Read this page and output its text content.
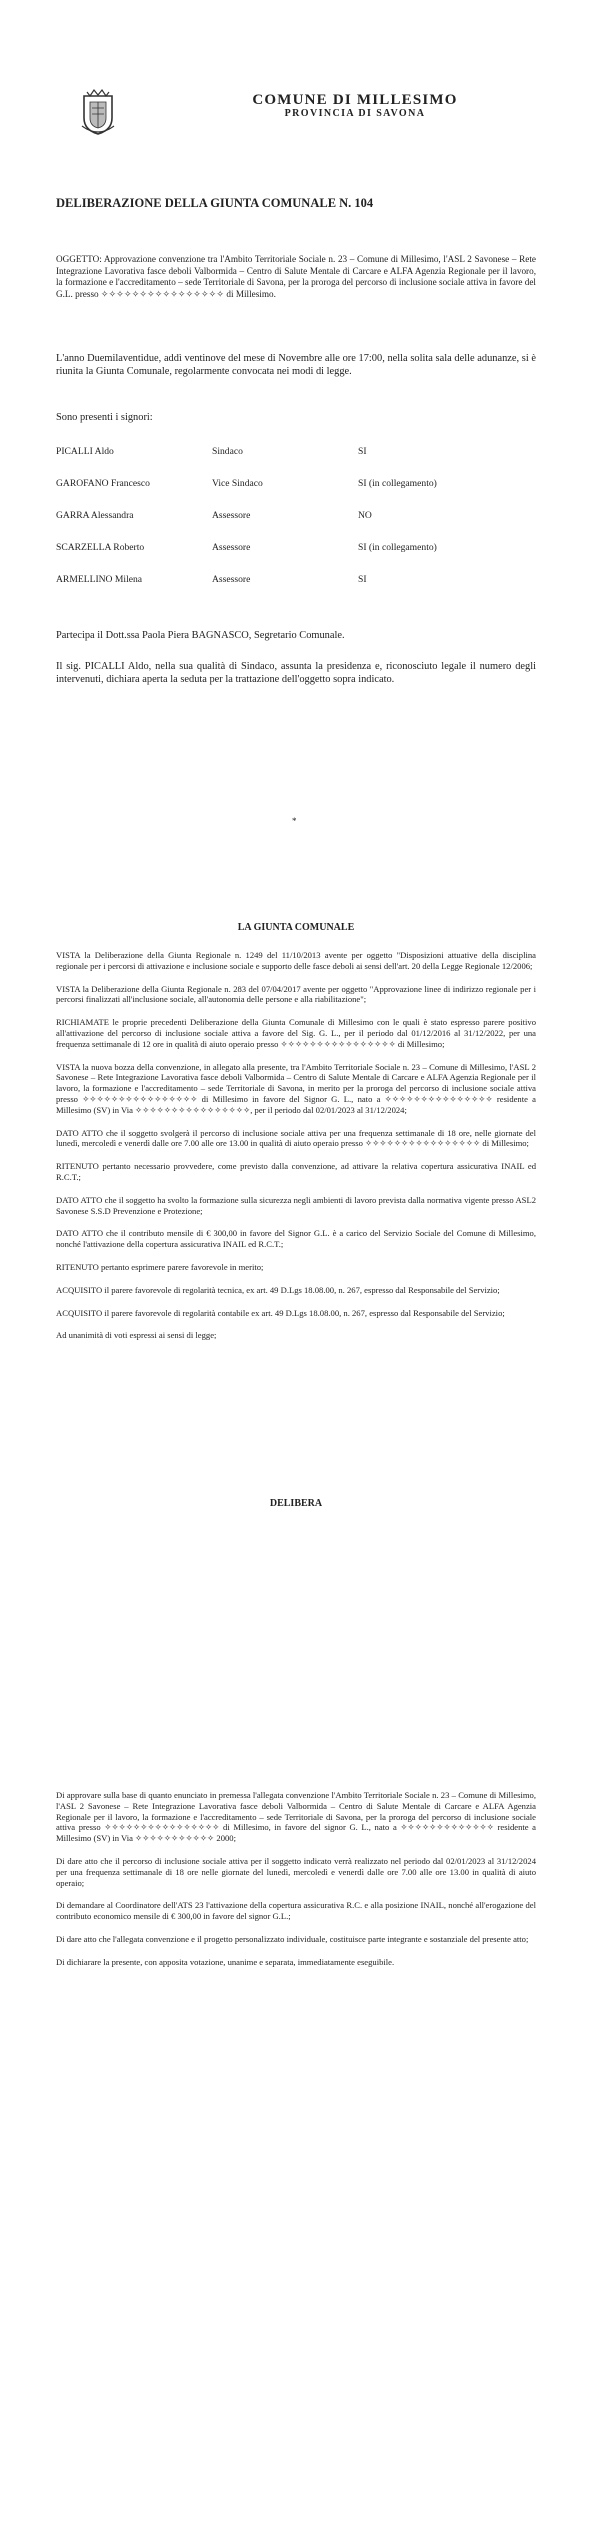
COMUNE DI MILLESIMO
PROVINCIA DI SAVONA
DELIBERAZIONE DELLA GIUNTA COMUNALE N. 104
OGGETTO: Approvazione convenzione tra l'Ambito Territoriale Sociale n. 23 – Comune di Millesimo, l'ASL 2 Savonese – Rete Integrazione Lavorativa fasce deboli Valbormida – Centro di Salute Mentale di Carcare e ALFA Agenzia Regionale per il lavoro, la formazione e l'accreditamento – sede Territoriale di Savona, per la proroga del percorso di inclusione sociale attiva in favore del G.L. presso ✧✧✧✧✧✧✧✧✧✧✧✧✧✧✧✧ di Millesimo.
L'anno Duemilaventidue, addì ventinove del mese di Novembre alle ore 17:00, nella solita sala delle adunanze, si è riunita la Giunta Comunale, regolarmente convocata nei modi di legge.
Sono presenti i signori:
PICALLI Aldo	Sindaco	SI
GAROFANO Francesco	Vice Sindaco	SI (in collegamento)
GARRA Alessandra	Assessore	NO
SCARZELLA Roberto	Assessore	SI (in collegamento)
ARMELLINO Milena	Assessore	SI
Partecipa il Dott.ssa Paola Piera BAGNASCO, Segretario Comunale.
Il sig. PICALLI Aldo, nella sua qualità di Sindaco, assunta la presidenza e, riconosciuto legale il numero degli intervenuti, dichiara aperta la seduta per la trattazione dell'oggetto sopra indicato.
*
LA GIUNTA COMUNALE

VISTA la Deliberazione della Giunta Regionale n. 1249 del 11/10/2013 avente per oggetto "Disposizioni attuative della disciplina regionale per i percorsi di attivazione e inclusione sociale e supporto delle fasce deboli ai sensi dell'art. 20 della Legge Regionale 12/2006;

VISTA la Deliberazione della Giunta Regionale n. 283 del 07/04/2017 avente per oggetto "Approvazione linee di indirizzo regionale per i percorsi finalizzati all'inclusione sociale, all'autonomia delle persone e alla riabilitazione";

RICHIAMATE le proprie precedenti Deliberazione della Giunta Comunale di Millesimo con le quali è stato espresso parere positivo all'attivazione del percorso di inclusione sociale attiva a favore del Sig. G. L., per il periodo dal 01/12/2016 al 31/12/2022, per una frequenza settimanale di 12 ore in qualità di aiuto operaio presso ✧✧✧✧✧✧✧✧✧✧✧✧✧✧✧✧ di Millesimo;

VISTA la nuova bozza della convenzione, in allegato alla presente, tra l'Ambito Territoriale Sociale n. 23 – Comune di Millesimo, l'ASL 2 Savonese – Rete Integrazione Lavorativa fasce deboli Valbormida – Centro di Salute Mentale di Carcare e ALFA Agenzia Regionale per il lavoro, la formazione e l'accreditamento – sede Territoriale di Savona, in merito per la proroga del percorso di inclusione sociale attiva presso ✧✧✧✧✧✧✧✧✧✧✧✧✧✧✧✧ di Millesimo in favore del Signor G. L., nato a ✧✧✧✧✧✧✧✧✧✧✧✧✧✧✧ residente a Millesimo (SV) in Via ✧✧✧✧✧✧✧✧✧✧✧✧✧✧✧✧, per il periodo dal 02/01/2023 al 31/12/2024;

DATO ATTO che il soggetto svolgerà il percorso di inclusione sociale attiva per una frequenza settimanale di 18 ore, nelle giornate del lunedì, mercoledì e venerdì dalle ore 7.00 alle ore 13.00 in qualità di aiuto operaio presso ✧✧✧✧✧✧✧✧✧✧✧✧✧✧✧✧ di Millesimo;

RITENUTO pertanto necessario provvedere, come previsto dalla convenzione, ad attivare la relativa copertura assicurativa INAIL ed R.C.T.;

DATO ATTO che il soggetto ha svolto la formazione sulla sicurezza negli ambienti di lavoro prevista dalla normativa vigente presso ASL2 Savonese S.S.D Prevenzione e Protezione;

DATO ATTO che il contributo mensile di € 300,00 in favore del Signor G.L. è a carico del Servizio Sociale del Comune di Millesimo, nonché l'attivazione della copertura assicurativa INAIL ed R.C.T.;

RITENUTO pertanto esprimere parere favorevole in merito;

ACQUISITO il parere favorevole di regolarità tecnica, ex art. 49 D.Lgs 18.08.00, n. 267, espresso dal Responsabile del Servizio;

ACQUISITO il parere favorevole di regolarità contabile ex art. 49 D.Lgs 18.08.00, n. 267, espresso dal Responsabile del Servizio;

Ad unanimità di voti espressi ai sensi di legge;

DELIBERA

Di approvare sulla base di quanto enunciato in premessa l'allegata convenzione l'Ambito Territoriale Sociale n. 23 – Comune di Millesimo, l'ASL 2 Savonese – Rete Integrazione Lavorativa fasce deboli Valbormida – Centro di Salute Mentale di Carcare e ALFA Agenzia Regionale per il lavoro, la formazione e l'accreditamento – sede Territoriale di Savona, per la proroga del percorso di inclusione sociale attiva presso ✧✧✧✧✧✧✧✧✧✧✧✧✧✧✧✧ di Millesimo, in favore del signor G. L., nato a ✧✧✧✧✧✧✧✧✧✧✧✧✧ residente a Millesimo (SV) in Via ✧✧✧✧✧✧✧✧✧✧✧ 2000;

Di dare atto che il percorso di inclusione sociale attiva per il soggetto indicato verrà realizzato nel periodo dal 02/01/2023 al 31/12/2024 per una frequenza settimanale di 18 ore nelle giornate del lunedì, mercoledì e venerdì dalle ore 7.00 alle ore 13.00 in qualità di aiuto operaio;

Di demandare al Coordinatore dell'ATS 23 l'attivazione della copertura assicurativa R.C. e alla posizione INAIL, nonché all'erogazione del contributo economico mensile di € 300,00 in favore del signor G.L.;

Di dare atto che l'allegata convenzione e il progetto personalizzato individuale, costituisce parte integrante e sostanziale del presente atto;

Di dichiarare la presente, con apposita votazione, unanime e separata, immediatamente eseguibile.
